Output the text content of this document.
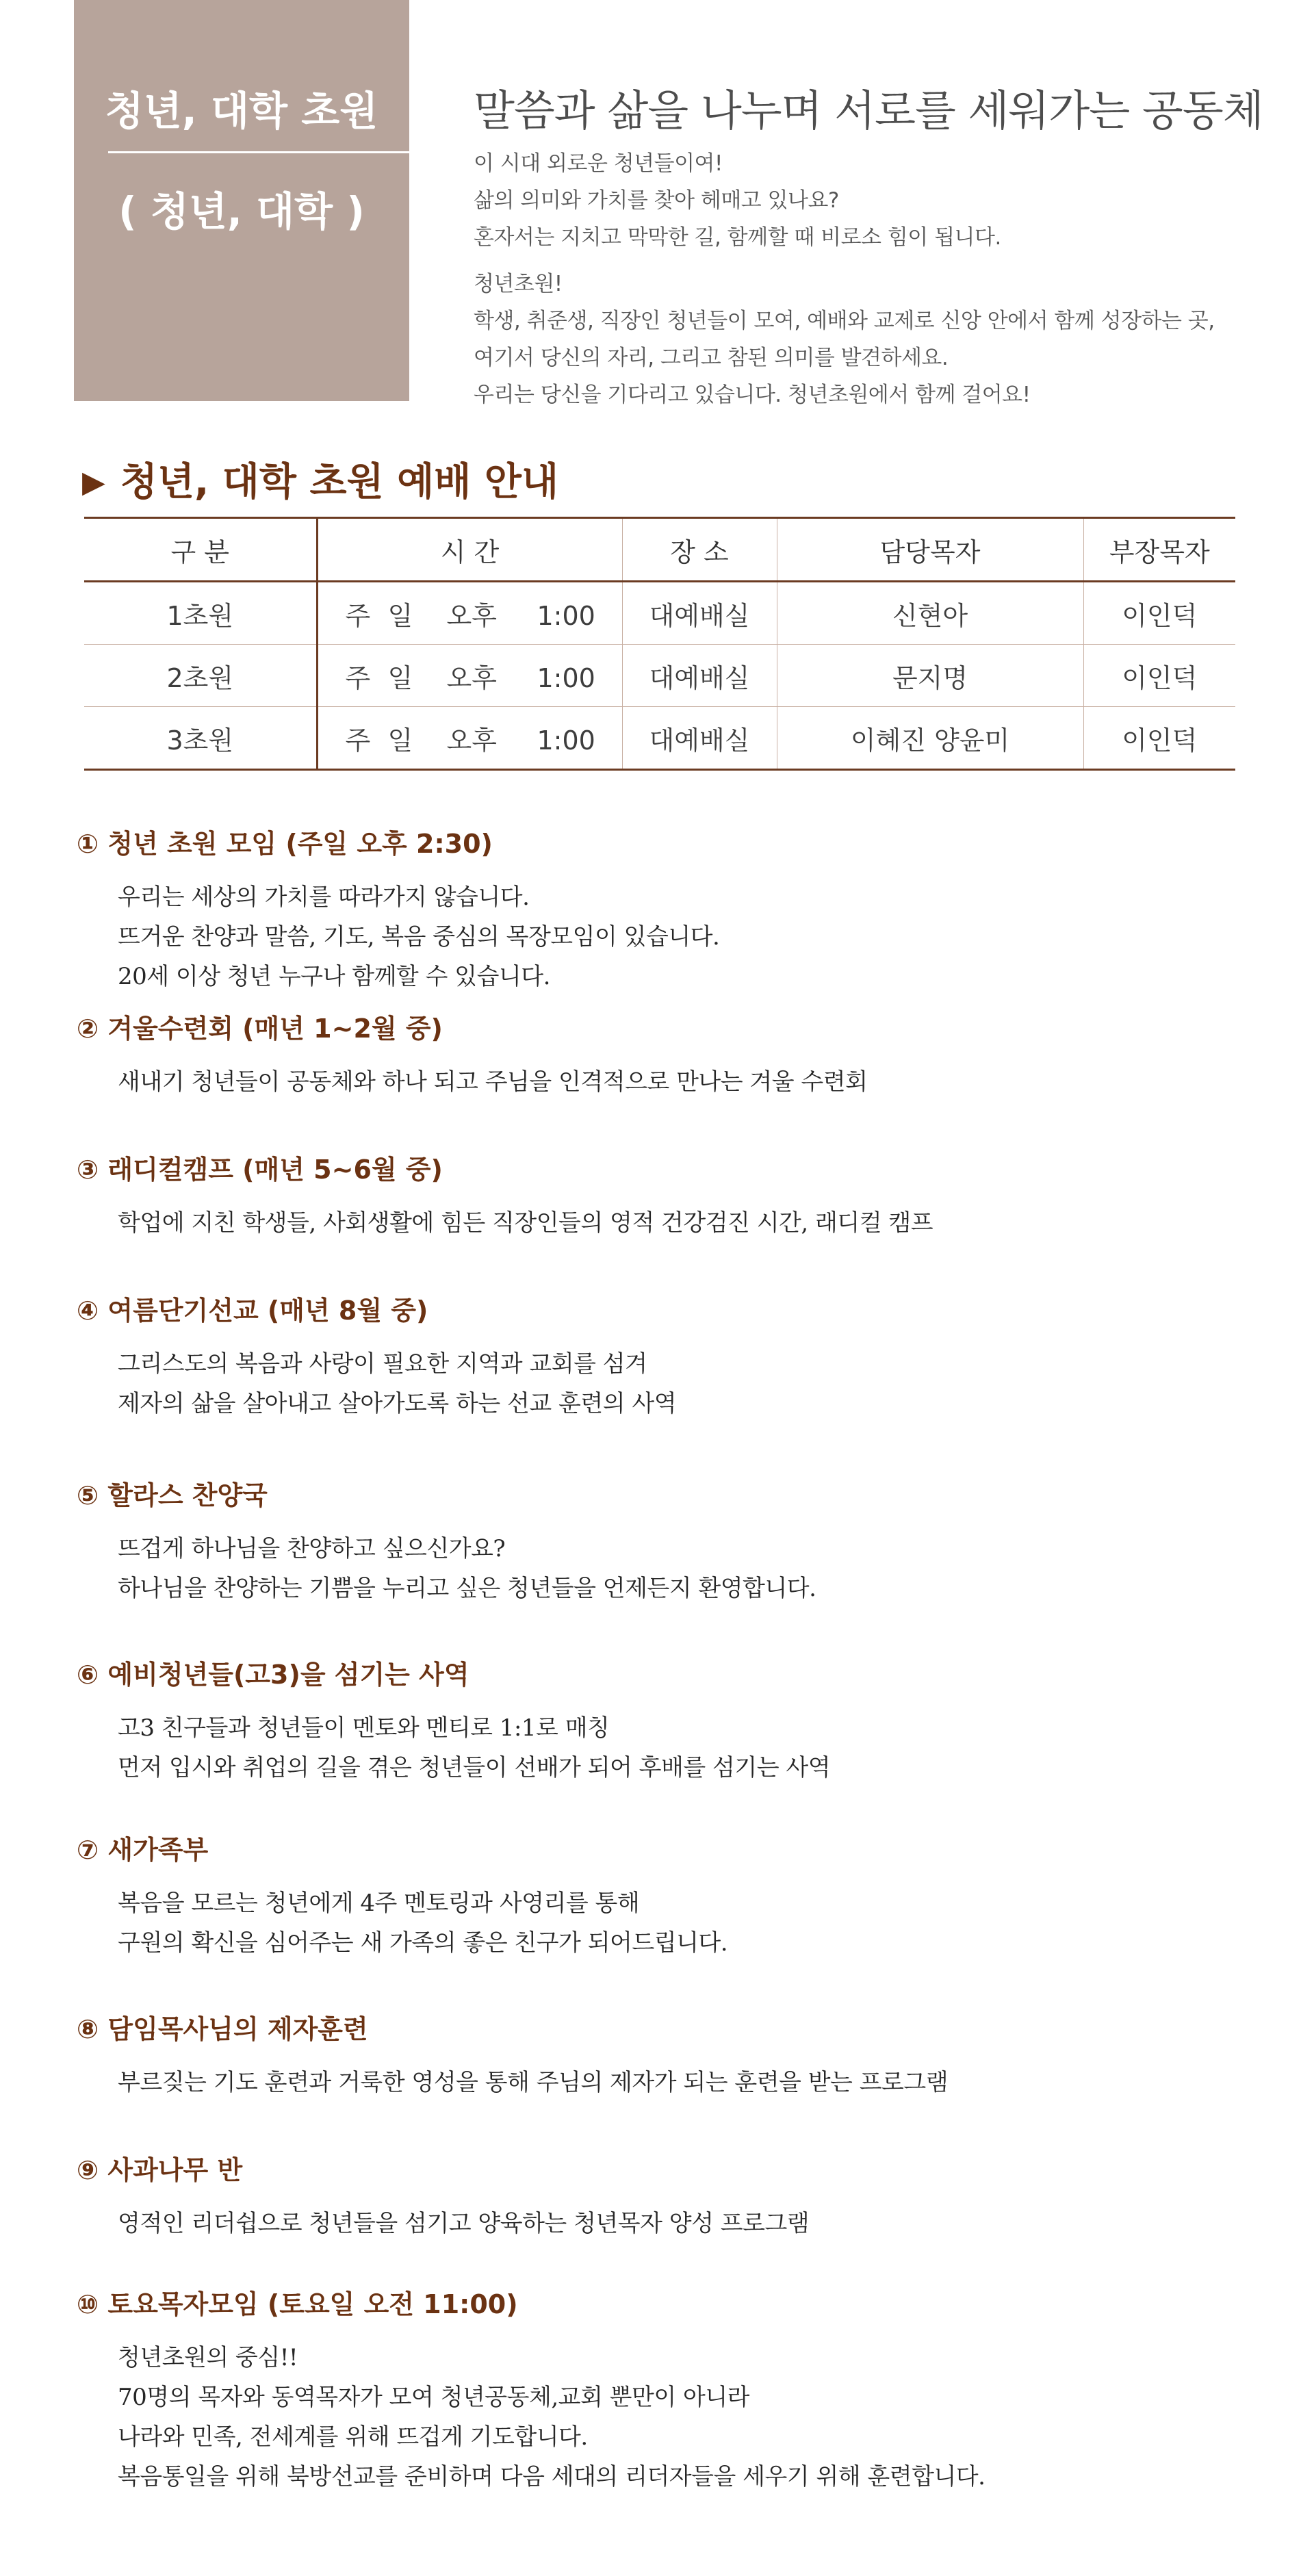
청년, 대학 초원
( 청년, 대학 )
말씀과 삶을 나누며 서로를 세워가는 공동체
이 시대 외로운 청년들이여!
삶의 의미와 가치를 찾아 헤매고 있나요?
혼자서는 지치고 막막한 길, 함께할 때 비로소 힘이 됩니다.
청년초원!
학생, 취준생, 직장인 청년들이 모여, 예배와 교제로 신앙 안에서 함께 성장하는 곳,
여기서 당신의 자리, 그리고 참된 의미를 발견하세요.
우리는 당신을 기다리고 있습니다. 청년초원에서 함께 걸어요!
▶ 청년, 대학 초원 예배 안내
구 분	시 간	장 소	담당목자	부장목자
1초원	주 일 오후 1:00	대예배실	신현아	이인덕
2초원	주 일 오후 1:00	대예배실	문지명	이인덕
3초원	주 일 오후 1:00	대예배실	이혜진 양윤미	이인덕
① 청년 초원 모임 (주일 오후 2:30)
우리는 세상의 가치를 따라가지 않습니다.
뜨거운 찬양과 말씀, 기도, 복음 중심의 목장모임이 있습니다.
20세 이상 청년 누구나 함께할 수 있습니다.
② 겨울수련회 (매년 1~2월 중)
새내기 청년들이 공동체와 하나 되고 주님을 인격적으로 만나는 겨울 수련회
③ 래디컬캠프 (매년 5~6월 중)
학업에 지친 학생들, 사회생활에 힘든 직장인들의 영적 건강검진 시간, 래디컬 캠프
④ 여름단기선교 (매년 8월 중)
그리스도의 복음과 사랑이 필요한 지역과 교회를 섬겨
제자의 삶을 살아내고 살아가도록 하는 선교 훈련의 사역
⑤ 할라스 찬양국
뜨겁게 하나님을 찬양하고 싶으신가요?
하나님을 찬양하는 기쁨을 누리고 싶은 청년들을 언제든지 환영합니다.
⑥ 예비청년들(고3)을 섬기는 사역
고3 친구들과 청년들이 멘토와 멘티로 1:1로 매칭
먼저 입시와 취업의 길을 겪은 청년들이 선배가 되어 후배를 섬기는 사역
⑦ 새가족부
복음을 모르는 청년에게 4주 멘토링과 사영리를 통해
구원의 확신을 심어주는 새 가족의 좋은 친구가 되어드립니다.
⑧ 담임목사님의 제자훈련
부르짖는 기도 훈련과 거룩한 영성을 통해 주님의 제자가 되는 훈련을 받는 프로그램
⑨ 사과나무 반
영적인 리더쉽으로 청년들을 섬기고 양육하는 청년목자 양성 프로그램
⑩ 토요목자모임 (토요일 오전 11:00)
청년초원의 중심!!
70명의 목자와 동역목자가 모여 청년공동체,교회 뿐만이 아니라
나라와 민족, 전세계를 위해 뜨겁게 기도합니다.
복음통일을 위해 북방선교를 준비하며 다음 세대의 리더자들을 세우기 위해 훈련합니다.
